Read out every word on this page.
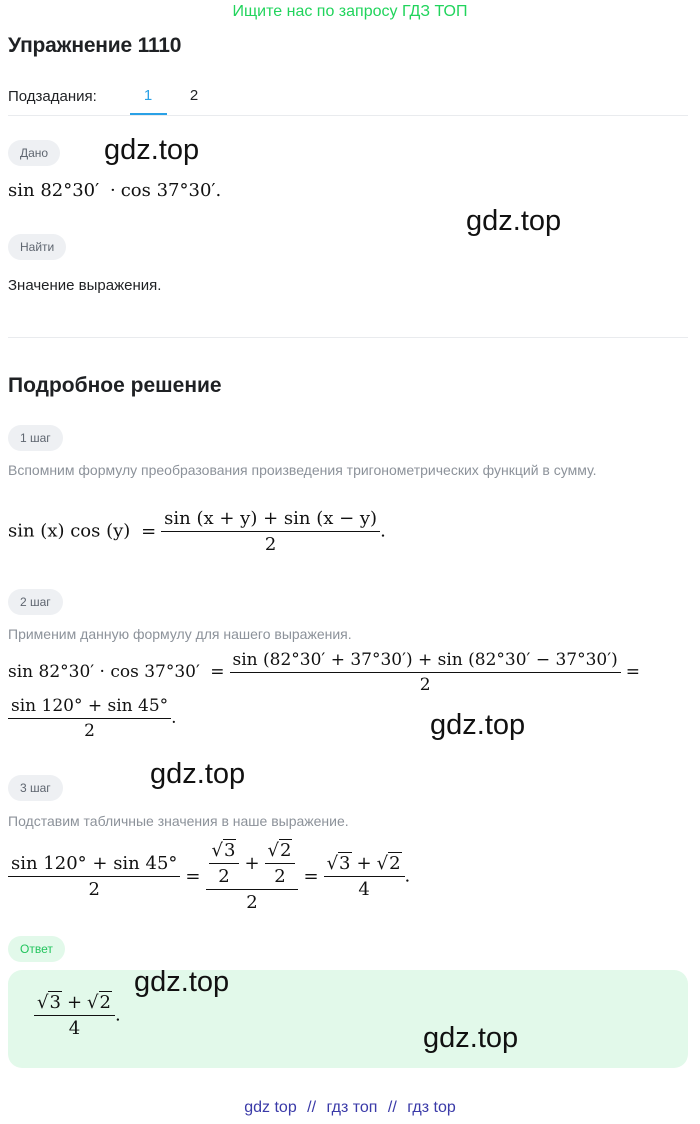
Ищите нас по запросу ГДЗ ТОП
Упражнение 1110
Подзадания:	1	2
Дано
sin 82°30′ · cos 37°30′.
Найти
Значение выражения.
Подробное решение
1 шаг
Вспомним формулу преобразования произведения тригонометрических функций в сумму.
sin (x) $\cos (y) = \frac{\sin (x + y) + \sin (x - y)}{2}$ .
2 шаг
Применим данную формулу для нашего выражения.
$\sin 82^\circ 30' \cdot \cos 37^\circ 30' = \frac{\sin (82^\circ 30' + 37^\circ 30') + \sin (82^\circ 30' - 37^\circ 30')}{2}$ =
$\frac{\sin 120^\circ + \sin 45^\circ}{2}$ .
3 шаг
Подставим табличные значения в наше выражение.
$\frac{\sin 120^\circ + \sin 45^\circ}{2} = \frac{\frac{√3}{2} + \frac{√2}{2}}{2} = \frac{√3 + √2}{4}$ .
Ответ
$\frac{√3 + √2}{4}$ .
gdz.top
gdz.top
gdz.top
gdz.top
gdz.top
gdz.top
gdz top // гдз топ // гдз top
